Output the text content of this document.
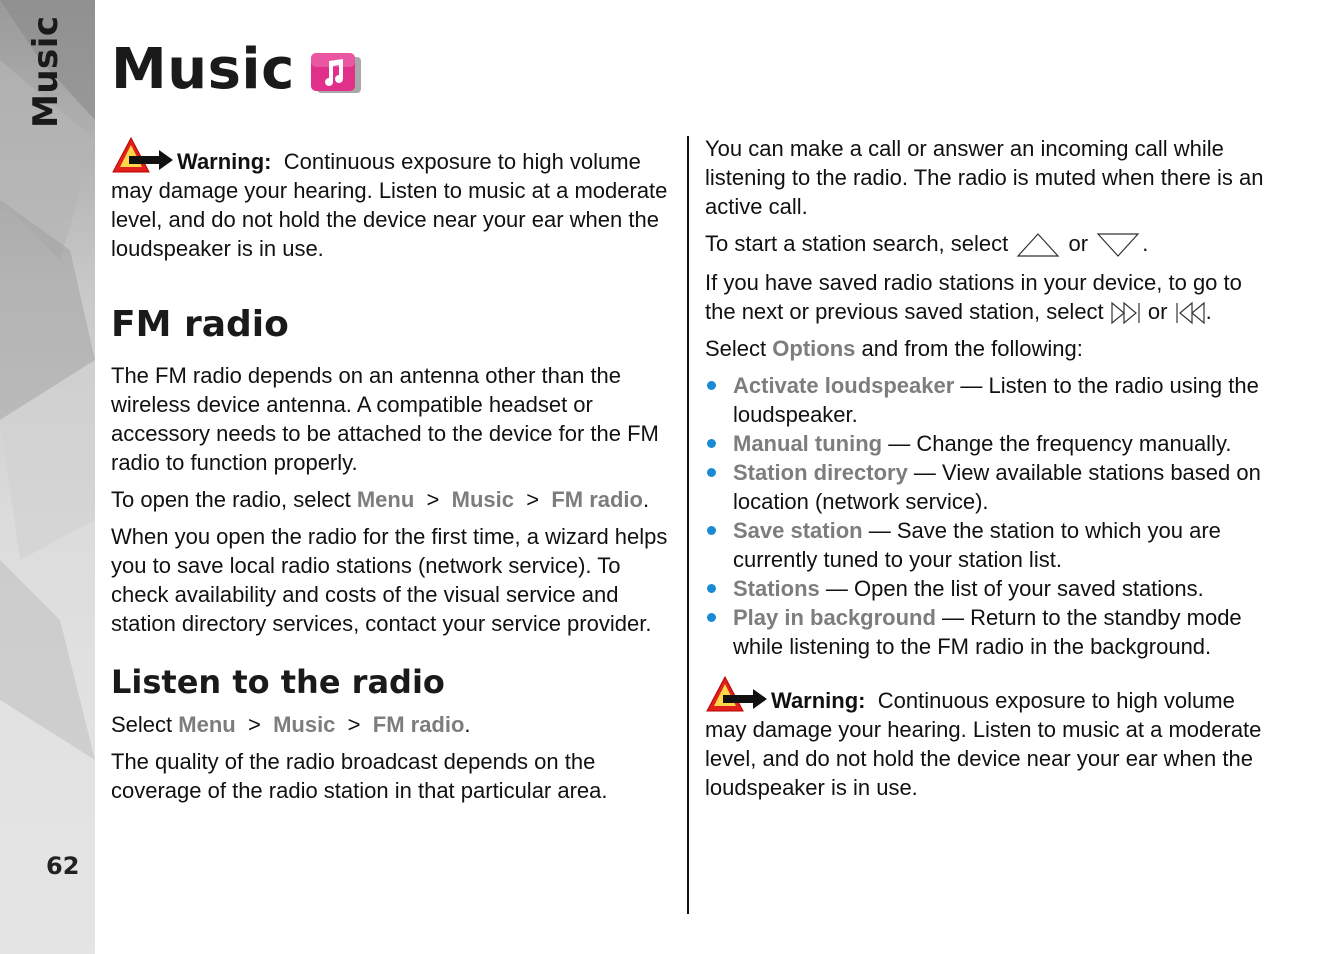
Music
62
Music

Warning: Continuous exposure to high volume may damage your hearing. Listen to music at a moderate level, and do not hold the device near your ear when the loudspeaker is in use.

FM radio

The FM radio depends on an antenna other than the wireless device antenna. A compatible headset or accessory needs to be attached to the device for the FM radio to function properly.

To open the radio, select Menu > Music > FM radio.

When you open the radio for the first time, a wizard helps you to save local radio stations (network service). To check availability and costs of the visual service and station directory services, contact your service provider.

Listen to the radio

Select Menu > Music > FM radio.

The quality of the radio broadcast depends on the coverage of the radio station in that particular area.

You can make a call or answer an incoming call while listening to the radio. The radio is muted when there is an active call.

To start a station search, select	or .

If you have saved radio stations in your device, to go to the next or previous saved station, select or .

Select Options and from the following:

Activate loudspeaker — Listen to the radio using the loudspeaker.
Manual tuning — Change the frequency manually.
Station directory — View available stations based on location (network service).
Save station — Save the station to which you are currently tuned to your station list.
Stations — Open the list of your saved stations.
Play in background — Return to the standby mode while listening to the FM radio in the background.

Warning: Continuous exposure to high volume may damage your hearing. Listen to music at a moderate level, and do not hold the device near your ear when the loudspeaker is in use.
